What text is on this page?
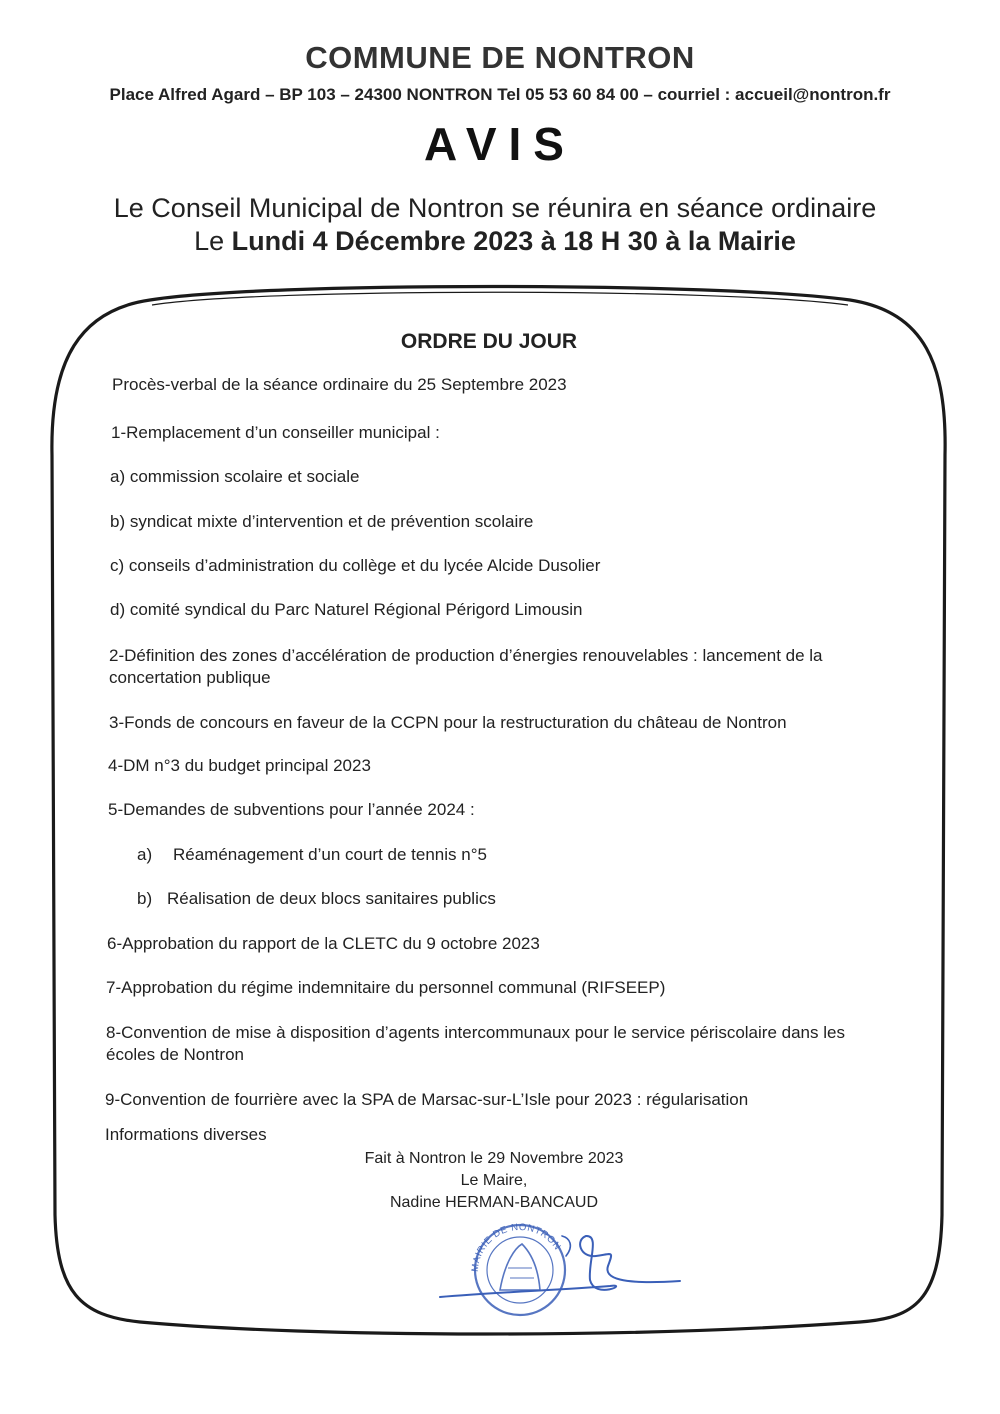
COMMUNE DE NONTRON
Place Alfred Agard – BP 103 – 24300 NONTRON Tel 05 53 60 84 00 – courriel : accueil@nontron.fr
AVIS
Le Conseil Municipal de Nontron se réunira en séance ordinaire
Le Lundi 4 Décembre 2023 à 18 H 30 à la Mairie
ORDRE DU JOUR
Procès-verbal de la séance ordinaire du 25 Septembre 2023
1-Remplacement d’un conseiller municipal :
a) commission scolaire et sociale
b) syndicat mixte d’intervention et de prévention scolaire
c) conseils d’administration du collège et du lycée Alcide Dusolier
d) comité syndical du Parc Naturel Régional Périgord Limousin
2-Définition des zones d’accélération de production d’énergies renouvelables : lancement de la concertation publique
3-Fonds de concours en faveur de la CCPN pour la restructuration du château de Nontron
4-DM n°3 du budget principal 2023
5-Demandes de subventions pour l’année 2024 :
a) Réaménagement d’un court de tennis n°5
b) Réalisation de deux blocs sanitaires publics
6-Approbation du rapport de la CLETC du 9 octobre 2023
7-Approbation du régime indemnitaire du personnel communal (RIFSEEP)
8-Convention de mise à disposition d’agents intercommunaux pour le service périscolaire dans les écoles de Nontron
9-Convention de fourrière avec la SPA de Marsac-sur-L’Isle pour 2023 : régularisation
Informations diverses
Fait à Nontron le 29 Novembre 2023
Le Maire,
Nadine HERMAN-BANCAUD
MAIRIE DE NONTRON
